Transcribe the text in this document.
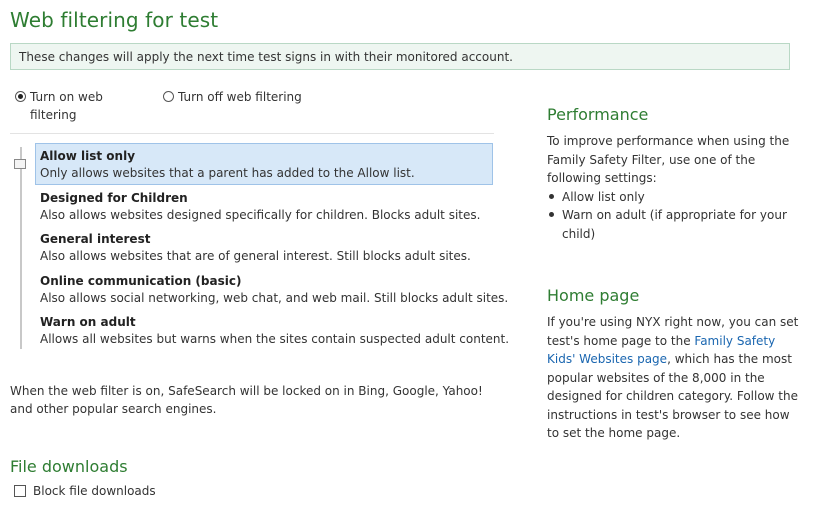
Web filtering for test
These changes will apply the next time test signs in with their monitored account.
Turn on web filtering
Turn off web filtering
Allow list only
Only allows websites that a parent has added to the Allow list.
Designed for Children
Also allows websites designed specifically for children. Blocks adult sites.
General interest
Also allows websites that are of general interest. Still blocks adult sites.
Online communication (basic)
Also allows social networking, web chat, and web mail. Still blocks adult sites.
Warn on adult
Allows all websites but warns when the sites contain suspected adult content.
When the web filter is on, SafeSearch will be locked on in Bing, Google, Yahoo! and other popular search engines.
File downloads
Block file downloads
Performance

To improve performance when using the Family Safety Filter, use one of the following settings:

Allow list only
Warn on adult (if appropriate for your child)
Home page

If you're using NYX right now, you can set test's home page to the Family Safety Kids' Websites page, which has the most popular websites of the 8,000 in the designed for children category. Follow the instructions in test's browser to see how to set the home page.
